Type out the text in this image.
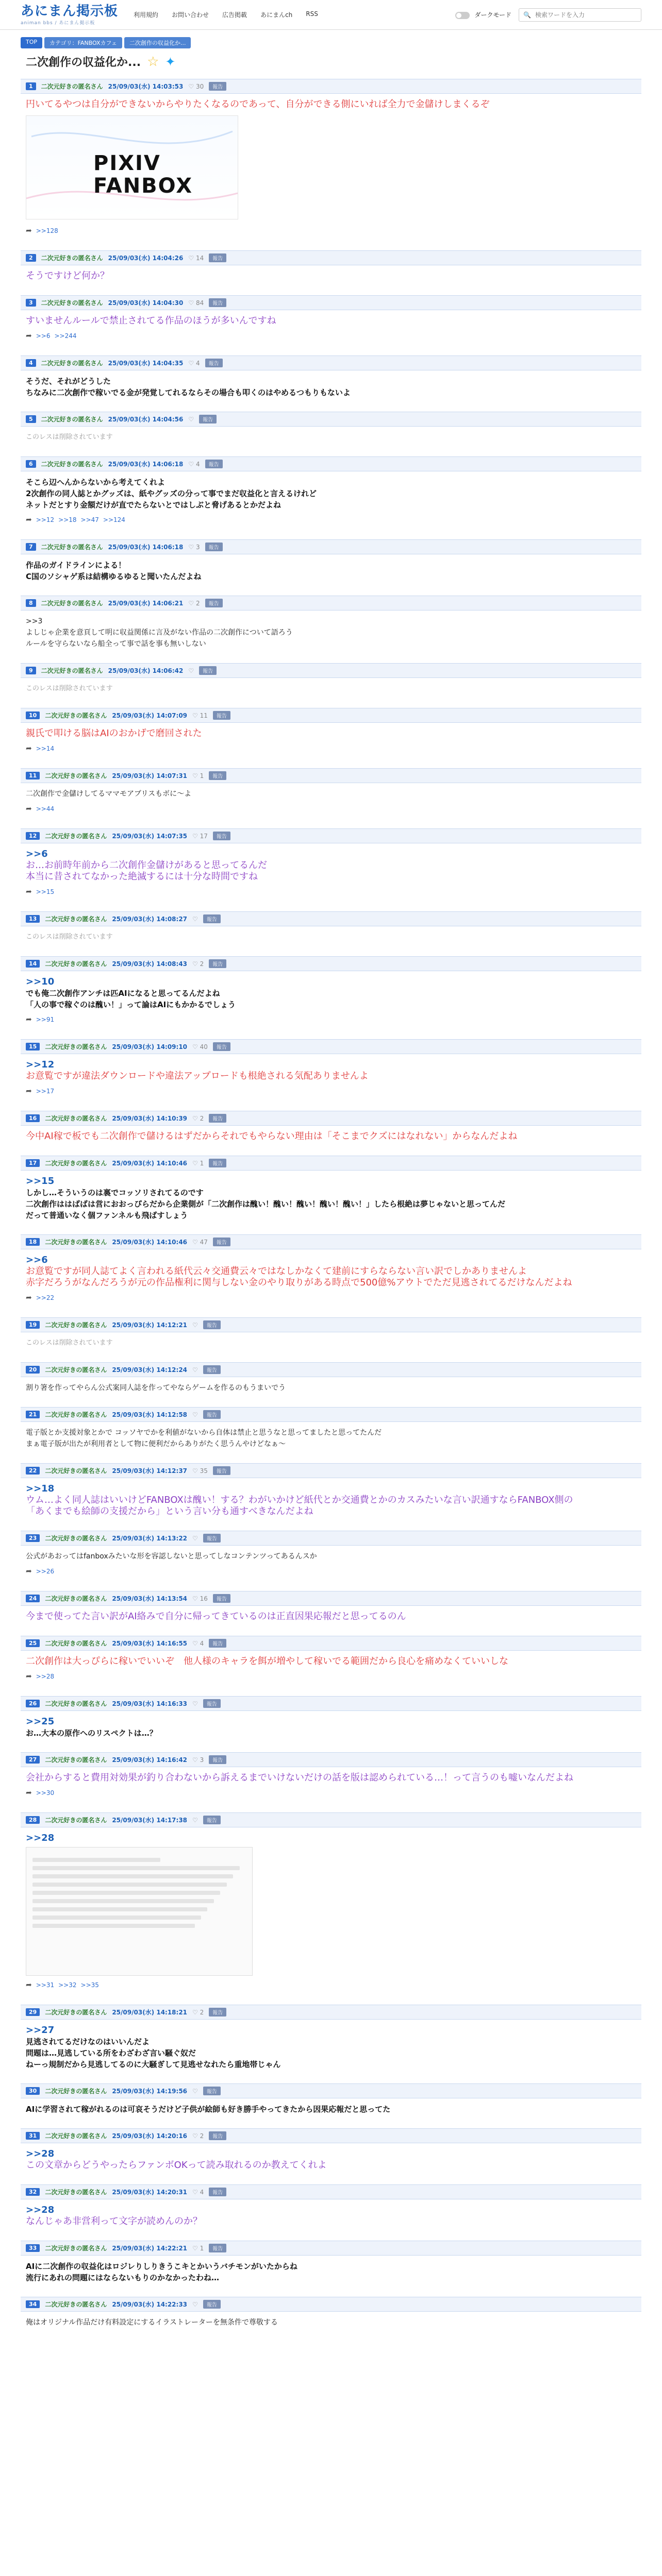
あにまん掲示板
animan bbs / あにまん掲示板
利用規約 お問い合わせ 広告掲載 あにまんch RSS	ダークモード 🔍
検索ワードを入力
TOP	カテゴリ：FANBOXカフェ	二次創作の収益化か...
二次創作の収益化か... ☆ ✦
1	二次元好きの匿名さん 25/09/03(水) 14:03:53 ♡ 30	報告

円いてるやつは自分ができないからやりたくなるのであって、自分ができる側にいれば全力で金儲けしまくるぞ

PIXIV FANBOX
➦ >>128
2	二次元好きの匿名さん 25/09/03(水) 14:04:26 ♡ 14	報告

そうですけど何か？

3	二次元好きの匿名さん 25/09/03(水) 14:04:30 ♡ 84	報告

すいませんルールで禁止されてる作品のほうが多いんですね

➦ >>6 >>244
4	二次元好きの匿名さん 25/09/03(水) 14:04:35 ♡ 4	報告

そうだ、それがどうした

ちなみに二次創作で稼いでる金が発覚してれるならその場合も叩くのはやめるつもりもないよ

5	二次元好きの匿名さん 25/09/03(水) 14:04:56 ♡	報告

このレスは削除されています

6	二次元好きの匿名さん 25/09/03(水) 14:06:18 ♡ 4	報告

そこら辺へんからないから考えてくれよ

2次創作の同人誌とかグッズは、紙やグッズの分って事でまだ収益化と言えるけれど

ネットだとすり金額だけが直でたらないとではしぶと脅げあるとかだよね

➦ >>12 >>18 >>47 >>124
7	二次元好きの匿名さん 25/09/03(水) 14:06:18 ♡ 3	報告

作品のガイドラインによる！

C国のソシャゲ系は結構ゆるゆると聞いたんだよね

8	二次元好きの匿名さん 25/09/03(水) 14:06:21 ♡ 2	報告

>>3

よしじゃ企業を意頁して明に収益関係に言及がない作品の二次創作について語ろう

ルールを守らないなら船全って事で話を事も無いしない

9	二次元好きの匿名さん 25/09/03(水) 14:06:42 ♡	報告

このレスは削除されています

10	二次元好きの匿名さん 25/09/03(水) 14:07:09 ♡ 11	報告

親氏で叩ける脳はAIのおかげで磨回された

➦ >>14
11	二次元好きの匿名さん 25/09/03(水) 14:07:31 ♡ 1	報告

二次創作で金儲けしてるママモアブリスもボに～よ

➦ >>44
12	二次元好きの匿名さん 25/09/03(水) 14:07:35 ♡ 17	報告

>>6

お…お前時年前から二次創作金儲けがあると思ってるんだ

本当に昔されてなかった絶滅するには十分な時間ですね

➦ >>15
13	二次元好きの匿名さん 25/09/03(水) 14:08:27 ♡	報告

このレスは削除されています

14	二次元好きの匿名さん 25/09/03(水) 14:08:43 ♡ 2	報告

>>10

でも俺二次創作アンチは匹AIになると思ってるんだよね

「人の事で稼ぐのは醜い！」って論はAIにもかかるでしょう

➦ >>91
15	二次元好きの匿名さん 25/09/03(水) 14:09:10 ♡ 40	報告

>>12

お意覧ですが違法ダウンロードや違法アップロードも根絶される気配ありませんよ

➦ >>17
16	二次元好きの匿名さん 25/09/03(水) 14:10:39 ♡ 2	報告

今中AI稼で板でも二次創作で儲けるはずだからそれでもやらない理由は「そこまでクズにはなれない」からなんだよね

17	二次元好きの匿名さん 25/09/03(水) 14:10:46 ♡ 1	報告

>>15

しかし…そういうのは裏でコッソリされてるのです

二次創作ははばばは営におおっぴらだから企業側が「二次創作は醜い！醜い！醜い！醜い！醜い！」したら根絶は夢じゃないと思ってんだ

だって普通いなく個ファンネルも飛ばすしょう

18	二次元好きの匿名さん 25/09/03(水) 14:10:46 ♡ 47	報告

>>6

お意覧ですが同人誌てよく言われる紙代云々交通費云々ではなしかなくて建前にすらならない言い訳でしかありませんよ

赤字だろうがなんだろうが元の作品権利に関与しない金のやり取りがある時点で500億%アウトでただ見逃されてるだけなんだよね

➦ >>22
19	二次元好きの匿名さん 25/09/03(水) 14:12:21 ♡	報告

このレスは削除されています

20	二次元好きの匿名さん 25/09/03(水) 14:12:24 ♡	報告

割り箸を作ってやらん公式案同人誌を作ってやならゲームを作るのもうまいでう

21	二次元好きの匿名さん 25/09/03(水) 14:12:58 ♡	報告

電子版とか支援対象とかで コッソヤでかを利値がないから自体は禁止と思うなと思ってましたと思ってたんだ

まぁ電子版が出たが利用者として物に便利だからありがたく思うんやけどなぁ〜

22	二次元好きの匿名さん 25/09/03(水) 14:12:37 ♡ 35	報告

>>18

ウム…よく同人誌はいいけどFANBOXは醜い！する？わがいかけど紙代とか交通費とかのカスみたいな言い訳通すならFANBOX側の

「あくまでも絵師の支援だから」という言い分も通すべきなんだよね

23	二次元好きの匿名さん 25/09/03(水) 14:13:22 ♡	報告

公式があおってはfanboxみたいな形を容認しないと思ってしなコンテンツってあるんスか

➦ >>26
24	二次元好きの匿名さん 25/09/03(水) 14:13:54 ♡ 16	報告

今まで使ってた言い訳がAI絡みで自分に帰ってきているのは正直因果応報だと思ってるのん

25	二次元好きの匿名さん 25/09/03(水) 14:16:55 ♡ 4	報告

二次創作は大っぴらに稼いでいいぞ　他人様のキャラを餌が増やして稼いでる範囲だから良心を痛めなくていいしな

➦ >>28
26	二次元好きの匿名さん 25/09/03(水) 14:16:33 ♡	報告

>>25

お…大本の原作へのリスペクトは…？

27	二次元好きの匿名さん 25/09/03(水) 14:16:42 ♡ 3	報告

会社からすると費用対効果が釣り合わないから訴えるまでいけないだけの話を版は認められている…！って言うのも嘘いなんだよね

➦ >>30
28	二次元好きの匿名さん 25/09/03(水) 14:17:38 ♡	報告

>>28

➦ >>31 >>32 >>35
29	二次元好きの匿名さん 25/09/03(水) 14:18:21 ♡ 2	報告

>>27

見逃されてるだけなのはいいんだよ

問題は…見逃している所をわざわざ言い騒ぐ奴だ

ねーっ規制だから見逃してるのに大騒ぎして見逃せなれたら重地帯じゃん

30	二次元好きの匿名さん 25/09/03(水) 14:19:56 ♡	報告

AIに学習されて稼がれるのは可哀そうだけど子供が絵師も好き勝手やってきたから因果応報だと思ってた

31	二次元好きの匿名さん 25/09/03(水) 14:20:16 ♡ 2	報告

>>28

この文章からどうやったらファンボOKって読み取れるのか教えてくれよ

32	二次元好きの匿名さん 25/09/03(水) 14:20:31 ♡ 4	報告

>>28

なんじゃあ非営利って文字が読めんのか？

33	二次元好きの匿名さん 25/09/03(水) 14:22:21 ♡ 1	報告

AIに二次創作の収益化はロジレりしりきうこキとかいうバチモンがいたからね

流行にあれの問題にはならないもりのかなかったわね…

34	二次元好きの匿名さん 25/09/03(水) 14:22:33 ♡	報告

俺はオリジナル作品だけ有料設定にするイラストレーターを無条件で尊敬する
